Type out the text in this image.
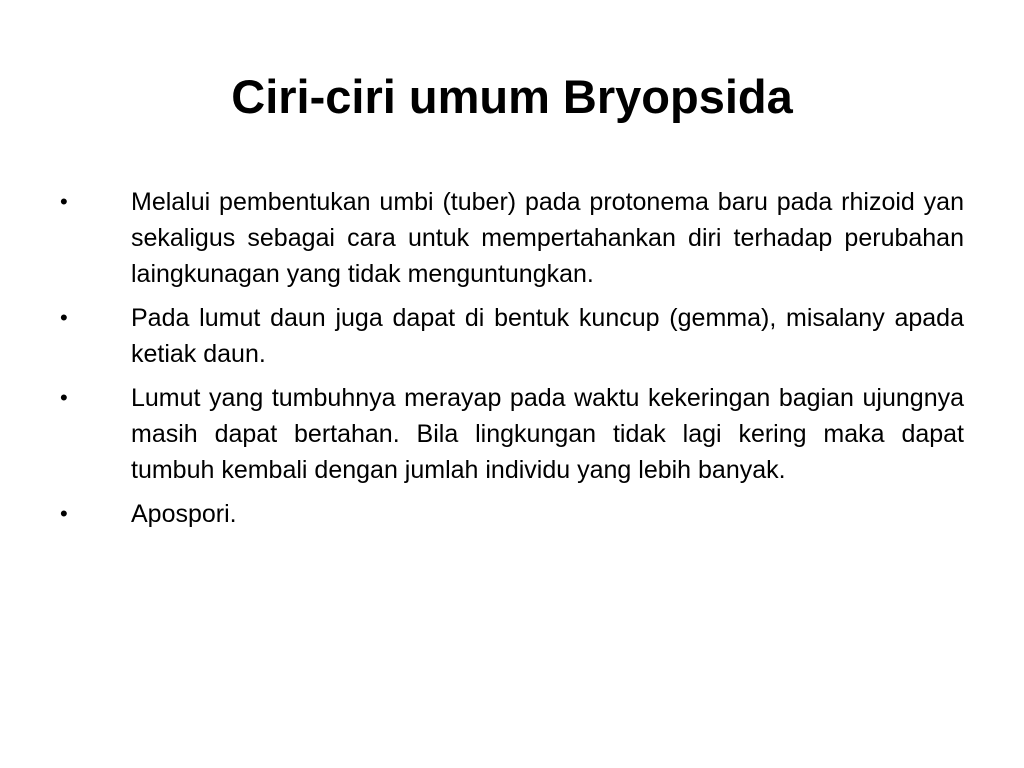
Ciri-ciri umum Bryopsida
•	Melalui pembentukan umbi (tuber) pada protonema baru pada rhizoid yan sekaligus sebagai cara untuk mempertahankan diri terhadap perubahan laingkunagan yang tidak menguntungkan.
•	Pada lumut daun juga dapat di bentuk kuncup (gemma), misalany apada ketiak daun.
•	Lumut yang tumbuhnya merayap pada waktu kekeringan bagian ujungnya masih dapat bertahan. Bila lingkungan tidak lagi kering maka dapat tumbuh kembali dengan jumlah individu yang lebih banyak.
•	Apospori.
